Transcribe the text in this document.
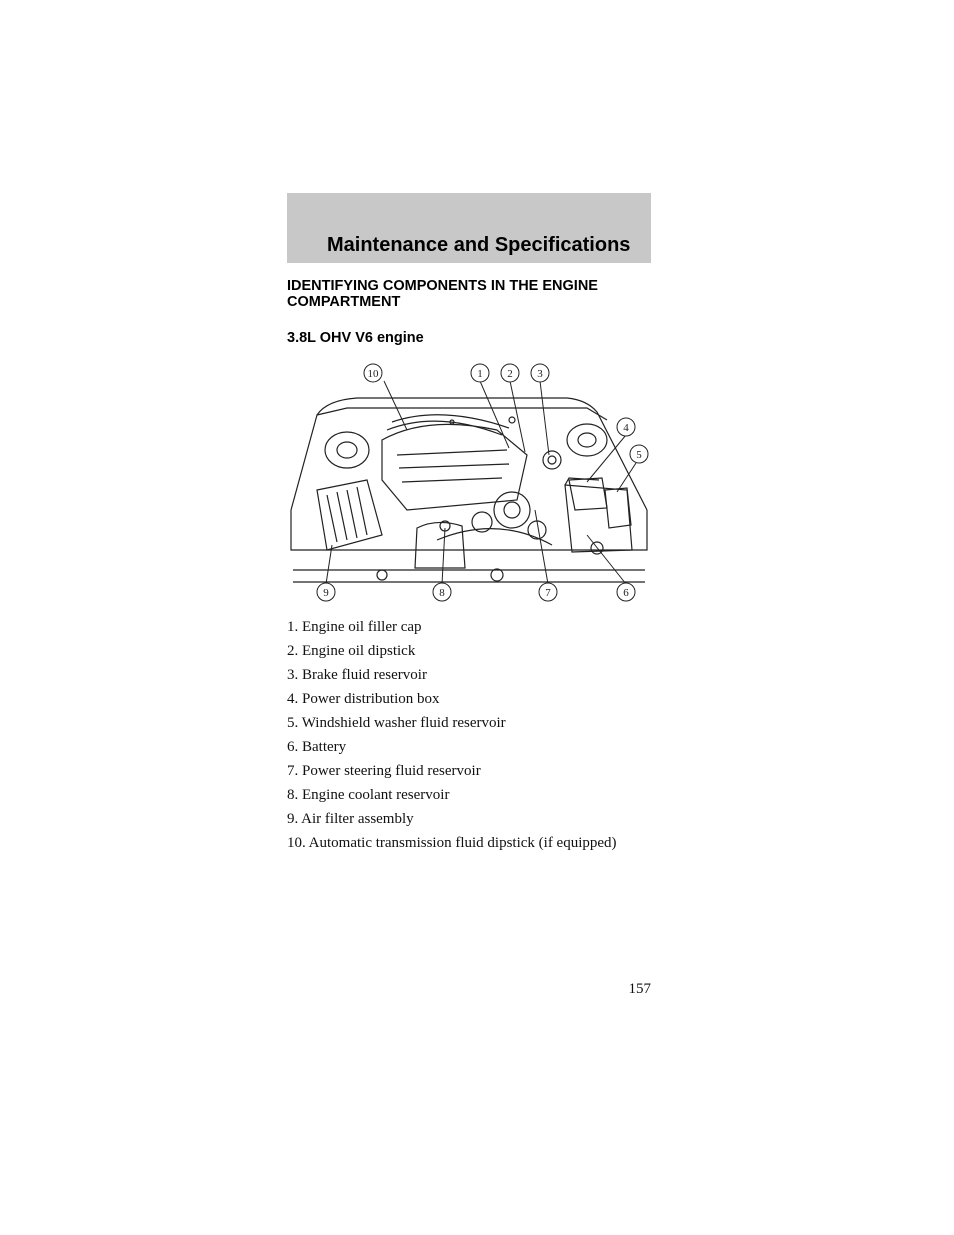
Maintenance and Specifications
IDENTIFYING COMPONENTS IN THE ENGINE COMPARTMENT
3.8L OHV V6 engine
10	1 2 3
4
5
9	8	7	6
1. Engine oil filler cap
2. Engine oil dipstick
3. Brake fluid reservoir
4. Power distribution box
5. Windshield washer fluid reservoir
6. Battery
7. Power steering fluid reservoir
8. Engine coolant reservoir
9. Air filter assembly
10. Automatic transmission fluid dipstick (if equipped)
157
